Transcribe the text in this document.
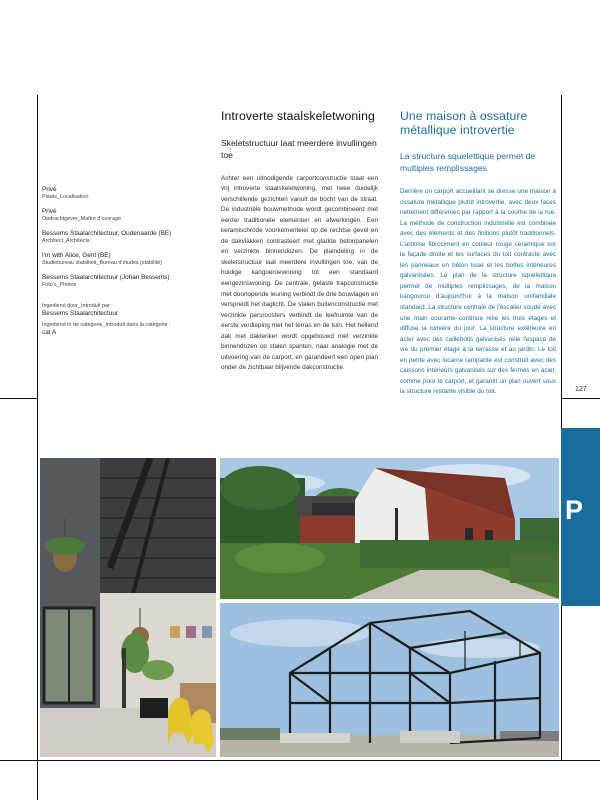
Privé
Plaats_Localisation
Privé
Opdrachtgever_Maître d'ouvrage
Bessems Staalarchitectuur, Oudenaarde (BE)
Architect_Architecte
I'm with Alice, Gent (BE)
Studiebureau stabiliteit_Bureau d'études (stabilité)
Bessems Staalarchitectuur (Johan Bessems)
Foto's_Photos
Ingediend door_Introduit par :
Bessems Staalarchitectuur
Ingediend in de categorie_Introduit dans la catégorie :
cat A
Introverte staalskeletwoning
Skeletstructuur laat meerdere invullingen toe
Achter een uitnodigende carportconstructie staat een vrij introverte staalskeletwoning, met twee duidelijk verschillende gezichten vanuit de bocht van de straat. De industriële bouwmethode wordt gecombineerd met eerder traditionele elementen en afwerkingen. Een keramischrode voorkementelei op de rechtse gevel en de dakvlakken contrasteert met gladde betonpanelen en verzinkte binnendozen. De plaindeling in de skeletstructuur laat meerdere invullingen toe, van de huidige kangoeroewoning tot een standaard eengezinswoning. De centrale, gelaste trapconstructie met doorlopende leuning verbindt de drie bouwlagen en verspreidt het daglicht. De stalen buitenconstructie met verzinkte persroosters verbindt de leefruimte van de eerste verdieping met het terras en de tuin. Het hellend dak met dakleriker wordt opgebouwd met verzinkte binnendozen op stalen spanten, naar analogie met de uitvoering van de carport, en garandeert een open plan onder de zichtbaar blijvende dakconstructie.
Une maison à ossature métallique introvertie
La structure squelettique permet de multiples remplissages
Derrière un carport accueillant se dresse une maison à ossature métallique plutôt introvertie, avec deux faces nettement différentes par rapport à la courbe de la rue. La méthode de construction industrielle est combinée avec des éléments et des finitions plutôt traditionnels. L'ardoise fibrociment en couleur rouge céramique sur la façade droite et les surfaces du toit contraste avec les panneaux en béton lisse et les boîtes intérieures galvanisées. Le plan de la structure squelettique permet de multiples remplissages, de la maison kangourou d'aujourd'hui à la maison unifamiliale standard. La structure centrale de l'escalier soudé avec une main courante continue relie les trois étages et diffuse la lumière du jour. La structure extérieure en acier avec des caillebotis galvanisés relie l'espace de vie du premier étage à la terrasse et au jardin. Le toit en pente avec lucarne rampante est construit avec des caissons intérieurs galvanisés sur des fermes en acier, comme pour le carport, et garantit un plan ouvert sous la structure restante visible du toit.	127
P
